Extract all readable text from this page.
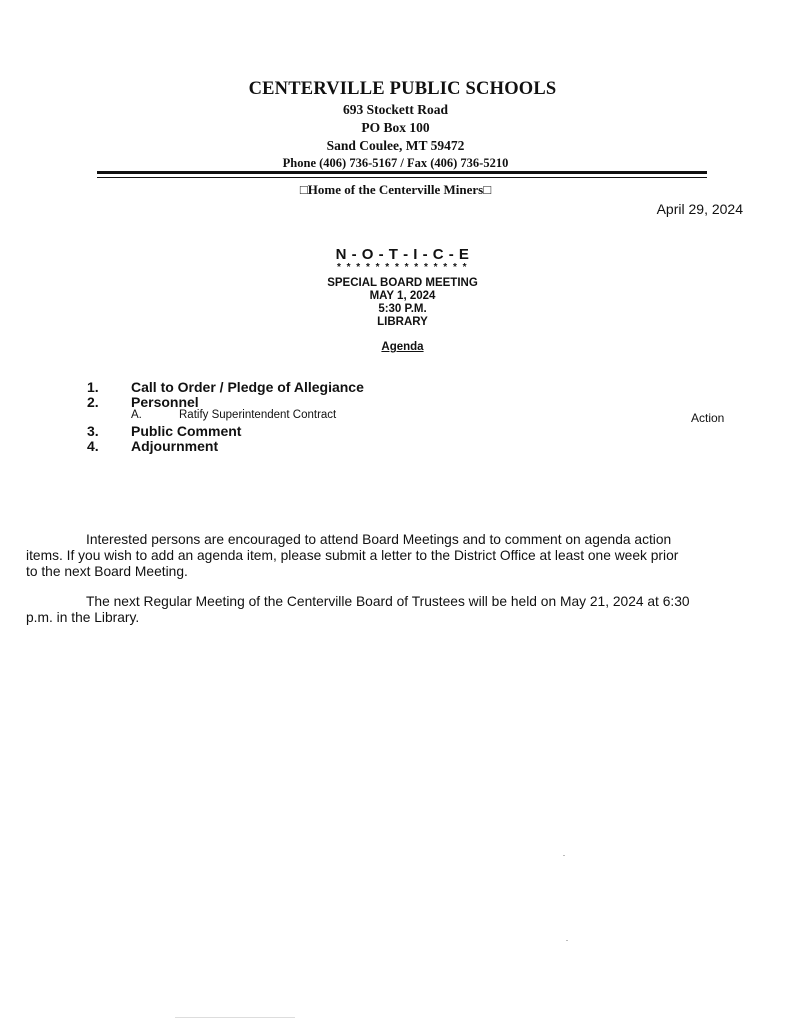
CENTERVILLE PUBLIC SCHOOLS
693 Stockett Road
PO Box 100
Sand Coulee, MT 59472
Phone (406) 736-5167 / Fax (406) 736-5210
□Home of the Centerville Miners□
April 29, 2024
N - O - T - I - C - E
* * * * * * * * * * * * * *
SPECIAL BOARD MEETING
MAY 1, 2024
5:30 P.M.
LIBRARY
Agenda
1. Call to Order / Pledge of Allegiance
2. Personnel
A.	Ratify Superintendent Contract	Action
3. Public Comment
4. Adjournment

Interested persons are encouraged to attend Board Meetings and to comment on agenda action

items. If you wish to add an agenda item, please submit a letter to the District Office at least one week prior

to the next Board Meeting.

The next Regular Meeting of the Centerville Board of Trustees will be held on May 21, 2024 at 6:30

p.m. in the Library.
